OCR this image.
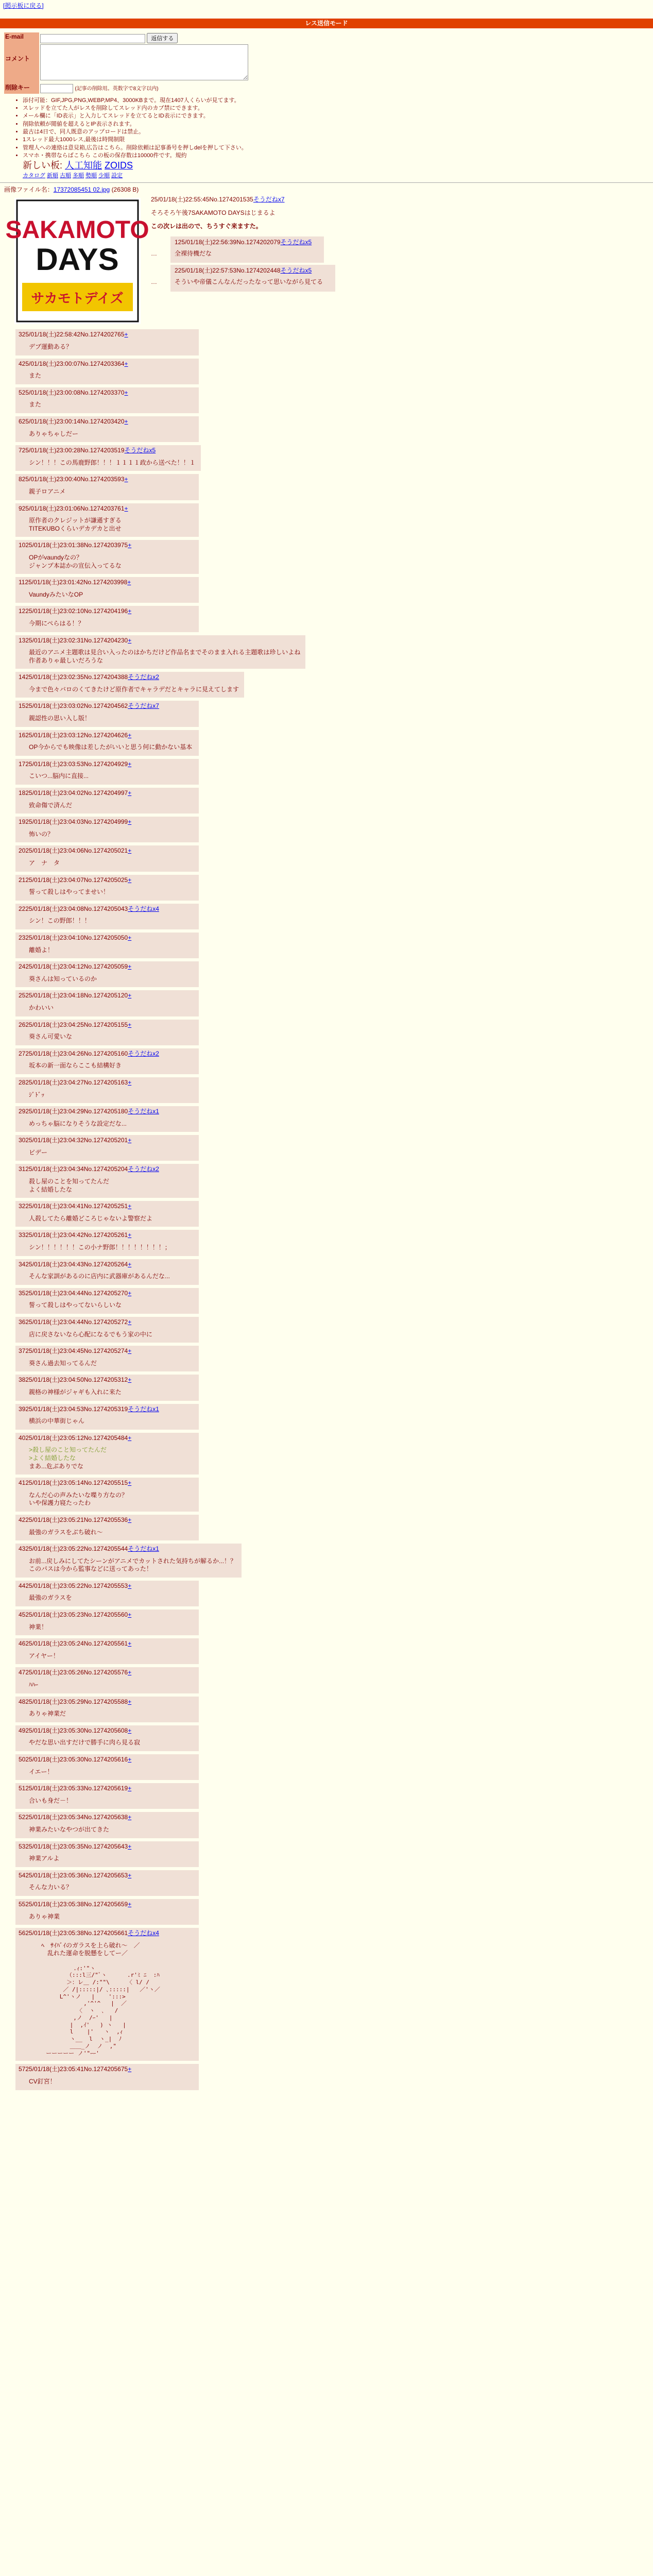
[掲示板に戻る]
レス送信モード
E-mail	返信する
コメント	
削除キー	(記事の削除用。英数字で8文字以内)
• 添付可能：GIF,JPG,PNG,WEBP,MP4、3000KBまで。現在1407人くらいが見てます。
• スレッドを立てた人がレスを削除してスレッド内のカブ禁にできます。
• メール欄に「ID表示」と入力してスレッドを立てるとID表示にできます。
• 削除依頼が閲値を超えるとIP表示されます。
• 最古は4日で、同人既意のアップロードは禁止。
• 1スレッド最大1000レス,最後は時間制限
• 管理人への連絡は意見箱,広告はこちら。削除依頼は記事番号を押しdelを押して下さい。
• スマホ・携帯ならばこちら この板の保存数は10000件です。規約
新しい板: 人工知能 ZOIDS
カタログ 新順 古順 多順 勢順 少順 設定
画像ファイル名：17372085451 02.jpg (26308 B)
SAKAMOTO
DAYS
サカモトデイズ
25/01/18(土)22:55:45No.1274201535そうだねx7
そろそろ午後7SAKAMOTO DAYSはじまるよ
この次レは出ので、ちうすぐ来ますた。
…
125/01/18(土)22:56:39No.1274202079そうだねx5
全裸待機だな
…
225/01/18(土)22:57:53No.1274202448そうだねx5
そういや帝儀こんなんだったなって思いながら見てる
325/01/18(土)22:58:42No.1274202765+
デブ運動ある？
425/01/18(土)23:00:07No.1274203364+
また
525/01/18(土)23:00:08No.1274203370+
また
625/01/18(土)23:00:14No.1274203420+
ありゃちゃしだー
725/01/18(土)23:00:28No.1274203519そうだねx5
シン！！！この馬鹿野郎！！！１１１１政から送べた！！１
825/01/18(土)23:00:40No.1274203593+
親子ロアニメ
925/01/18(土)23:01:06No.1274203761+
原作者のクレジットが謙遜すぎる
TITEKUBOくらいデカデカと出せ
1025/01/18(土)23:01:38No.1274203975+
OPがvaundyなの？
ジャンプ本誌かの宣伝入ってるな
1125/01/18(土)23:01:42No.1274203998+
VaundyみたいなOP
1225/01/18(土)23:02:10No.1274204196+
今期にぺらはる！？
1325/01/18(土)23:02:31No.1274204230+
最近のアニメ主題歌は見合い入ったのはかちだけど作品名までそのまま入れる主題歌は珍しいよね
作者ありゃ最しいだろうな
1425/01/18(土)23:02:35No.1274204388そうだねx2
今まで色々バロのくてきたけど原作者でキャラデだとキャラに見えてします
1525/01/18(土)23:03:02No.1274204562そうだねx7
親認性の思い入し版！
1625/01/18(土)23:03:12No.1274204626+
OP今からでも映像は差したがいいと思う何に動かない基本
1725/01/18(土)23:03:53No.1274204929+
こいつ...脳内に直接...
1825/01/18(土)23:04:02No.1274204997+
致命傷で済んだ
1925/01/18(土)23:04:03No.1274204999+
怖いの？
2025/01/18(土)23:04:06No.1274205021+
ア　ナ　タ
2125/01/18(土)23:04:07No.1274205025+
誓って殺しはやってませい！
2225/01/18(土)23:04:08No.1274205043そうだねx4
シン！この野郎！！！
2325/01/18(土)23:04:10No.1274205050+
離婚よ！
2425/01/18(土)23:04:12No.1274205059+
葵さんは知っているのか
2525/01/18(土)23:04:18No.1274205120+
かわいい
2625/01/18(土)23:04:25No.1274205155+
葵さん可愛いな
2725/01/18(土)23:04:26No.1274205160そうだねx2
坂本の新一面ならここも結構好き
2825/01/18(土)23:04:27No.1274205163+
ｼﾞﾄﾞｯ
2925/01/18(土)23:04:29No.1274205180そうだねx1
めっちゃ脳になりそうな設定だな...
3025/01/18(土)23:04:32No.1274205201+
ビデー
3125/01/18(土)23:04:34No.1274205204そうだねx2
殺し屋のことを知ってたんだ
よく結婚したな
3225/01/18(土)23:04:41No.1274205251+
人殺してたら離婚どころじゃないよ警察だよ
3325/01/18(土)23:04:42No.1274205261+
シン！！！！！！この小ナ野郎！！！！！！！！；
3425/01/18(土)23:04:43No.1274205264+
そんな家訓があるのに店内に武器庫があるんだな...
3525/01/18(土)23:04:44No.1274205270+
誓って殺しはやってないらしいな
3625/01/18(土)23:04:44No.1274205272+
店に戻さないなら心配になるでもう家の中に
3725/01/18(土)23:04:45No.1274205274+
葵さん過去知ってるんだ
3825/01/18(土)23:04:50No.1274205312+
親格の神様がジャギも入れに来た
3925/01/18(土)23:04:53No.1274205319そうだねx1
横浜の中華街じゃん
4025/01/18(土)23:05:12No.1274205484+
>殺し屋のこと知ってたんだ
>よく結婚したな
まあ...危ぶありでな
4125/01/18(土)23:05:14No.1274205515+
なんだ心の声みたいな喋り方なの？
いや保護力寝たったわ
4225/01/18(土)23:05:21No.1274205536+
最強のガラスをぶち破れ～
4325/01/18(土)23:05:22No.1274205544そうだねx1
お前...戻しみにしてたシーンがアニメでカットされた気持ちが解るか...！？
このパスは今から監事などに送ってあった！
4425/01/18(土)23:05:22No.1274205553+
最強のガラスを
4525/01/18(土)23:05:23No.1274205560+
神業！
4625/01/18(土)23:05:24No.1274205561+
アイヤー！
4725/01/18(土)23:05:26No.1274205576+
ﾊﾊｰ
4825/01/18(土)23:05:29No.1274205588+
ありゃ神業だ
4925/01/18(土)23:05:30No.1274205608+
やだな思い出すだけで勝手に肉ら見る寂
5025/01/18(土)23:05:30No.1274205616+
イエー！
5125/01/18(土)23:05:33No.1274205619+
合いも身だ－！
5225/01/18(土)23:05:34No.1274205638+
神業みたいなやつが出てきた
5325/01/18(土)23:05:35No.1274205643+
神業アルよ
5425/01/18(土)23:05:36No.1274205653+
そんな力いる？
5525/01/18(土)23:05:38No.1274205659+
ありゃ神業
5625/01/18(土)23:05:38No.1274205661そうだねx4
　　ﾍ　ｻｲﾊﾞｲのガラスを上ら破れ～　／
　　　乱れた運命を脱懸をしてー／

.ｨ:'"ヽ
（:::l三/"ﾞヽ      .r'ﾐ ﾆ  :ﾊ
＞：レ＿ /:""\     〈 l/ /
／ /|:::::|/ ､:::::|   ／'ヽ／
L^'ヽノ   |    ':::>
,'^'^   |  ／
〈  ヽ  ､   /
,ノ  /ｰ'   |
|  ,ｲ'   ) ヽ   |
l    |'   ヽ  ,ｨ
ヽ__  l  ヽ_|  ﾉ
＿＿_ノ  ノ  ,"
ーーーーー ノ'"ｰｰ'

5725/01/18(土)23:05:41No.1274205675+
CV釘宮！
